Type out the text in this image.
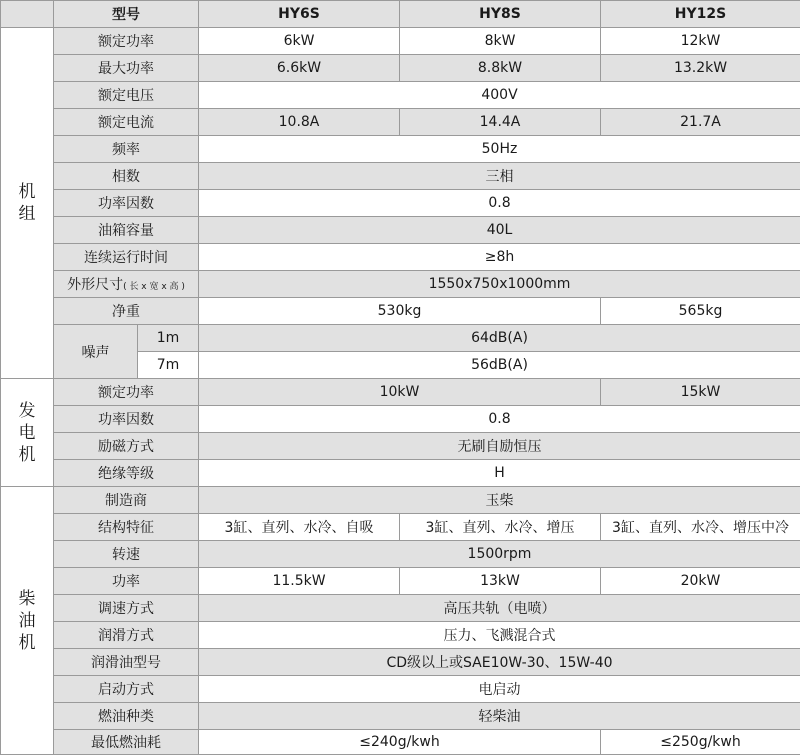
	型号		HY6S	HY8S	HY12S

机
组	额定功率		6kW	8kW	12kW
	最大功率		6.6kW	8.8kW	13.2kW
	额定电压		400V		
	额定电流		10.8A	14.4A	21.7A
	频率		50Hz		
	相数		三相		
	功率因数		0.8		
	油箱容量		40L		
	连续运行时间		≥8h		
	外形尺寸( 长 x 宽 x 高 )		1550x750x1000mm		
	净重		530kg		565kg
	噪声	1m	64dB(A)		
		7m	56dB(A)		

发
电
机	额定功率		10kW		15kW
	功率因数		0.8		
	励磁方式		无刷自励恒压		
	绝缘等级		H		

柴
油
机	制造商		玉柴		
	结构特征		3缸、直列、水冷、自吸	3缸、直列、水冷、增压	3缸、直列、水冷、增压中冷
	转速		1500rpm		
	功率		11.5kW	13kW	20kW
	调速方式		高压共轨（电喷）		
	润滑方式		压力、飞溅混合式		
	润滑油型号		CD级以上或SAE10W-30、15W-40		
	启动方式		电启动		
	燃油种类		轻柴油		
	最低燃油耗		≤240g/kwh		≤250g/kwh
